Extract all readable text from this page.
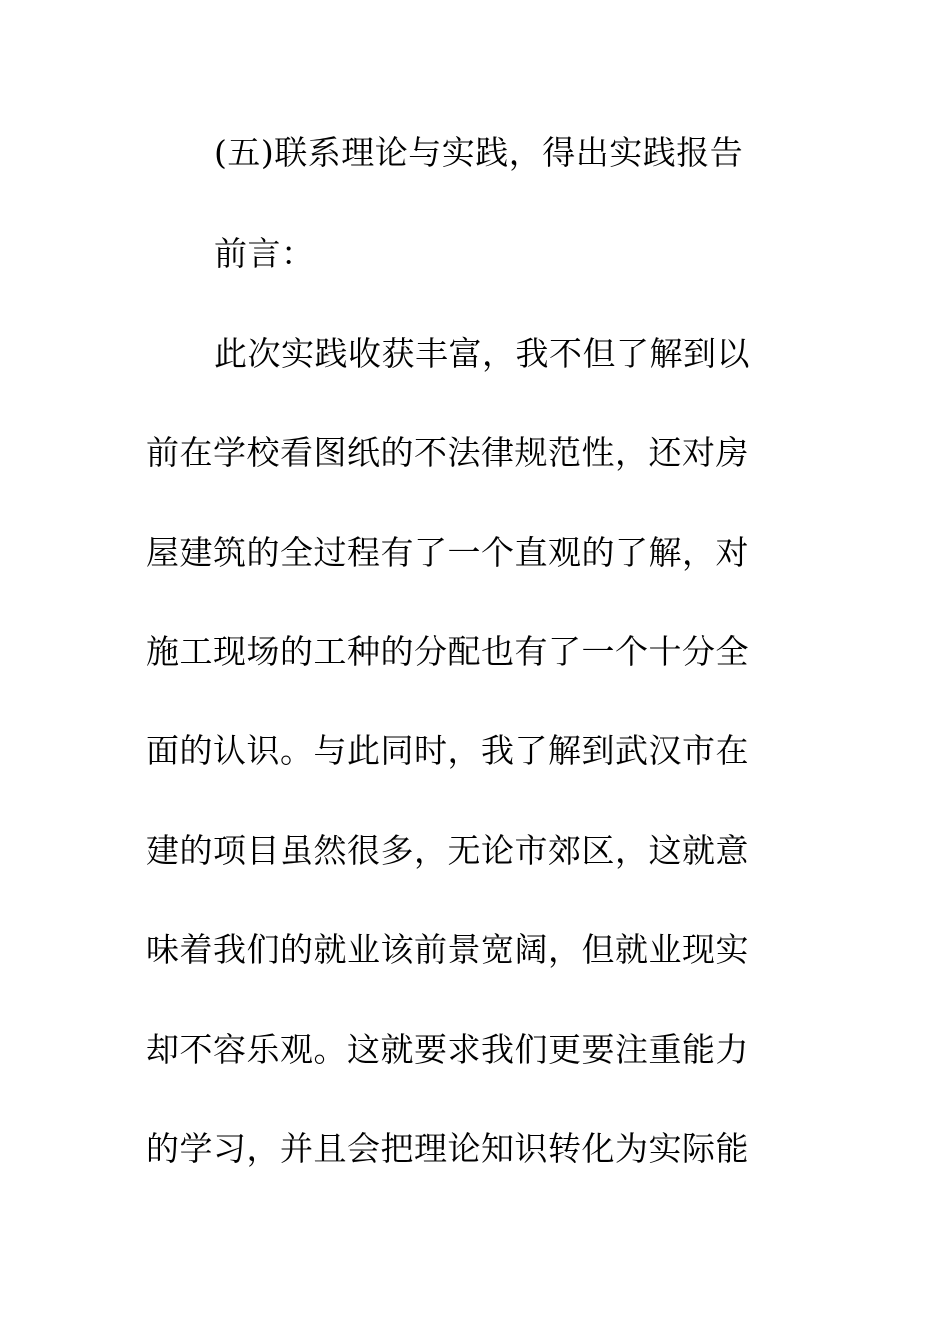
(五)联系理论与实践，得出实践报告
前言：
此次实践收获丰富，我不但了解到以
前在学校看图纸的不法律规范性，还对房
屋建筑的全过程有了一个直观的了解，对
施工现场的工种的分配也有了一个十分全
面的认识。与此同时，我了解到武汉市在
建的项目虽然很多，无论市郊区，这就意
味着我们的就业该前景宽阔，但就业现实
却不容乐观。这就要求我们更要注重能力
的学习，并且会把理论知识转化为实际能
